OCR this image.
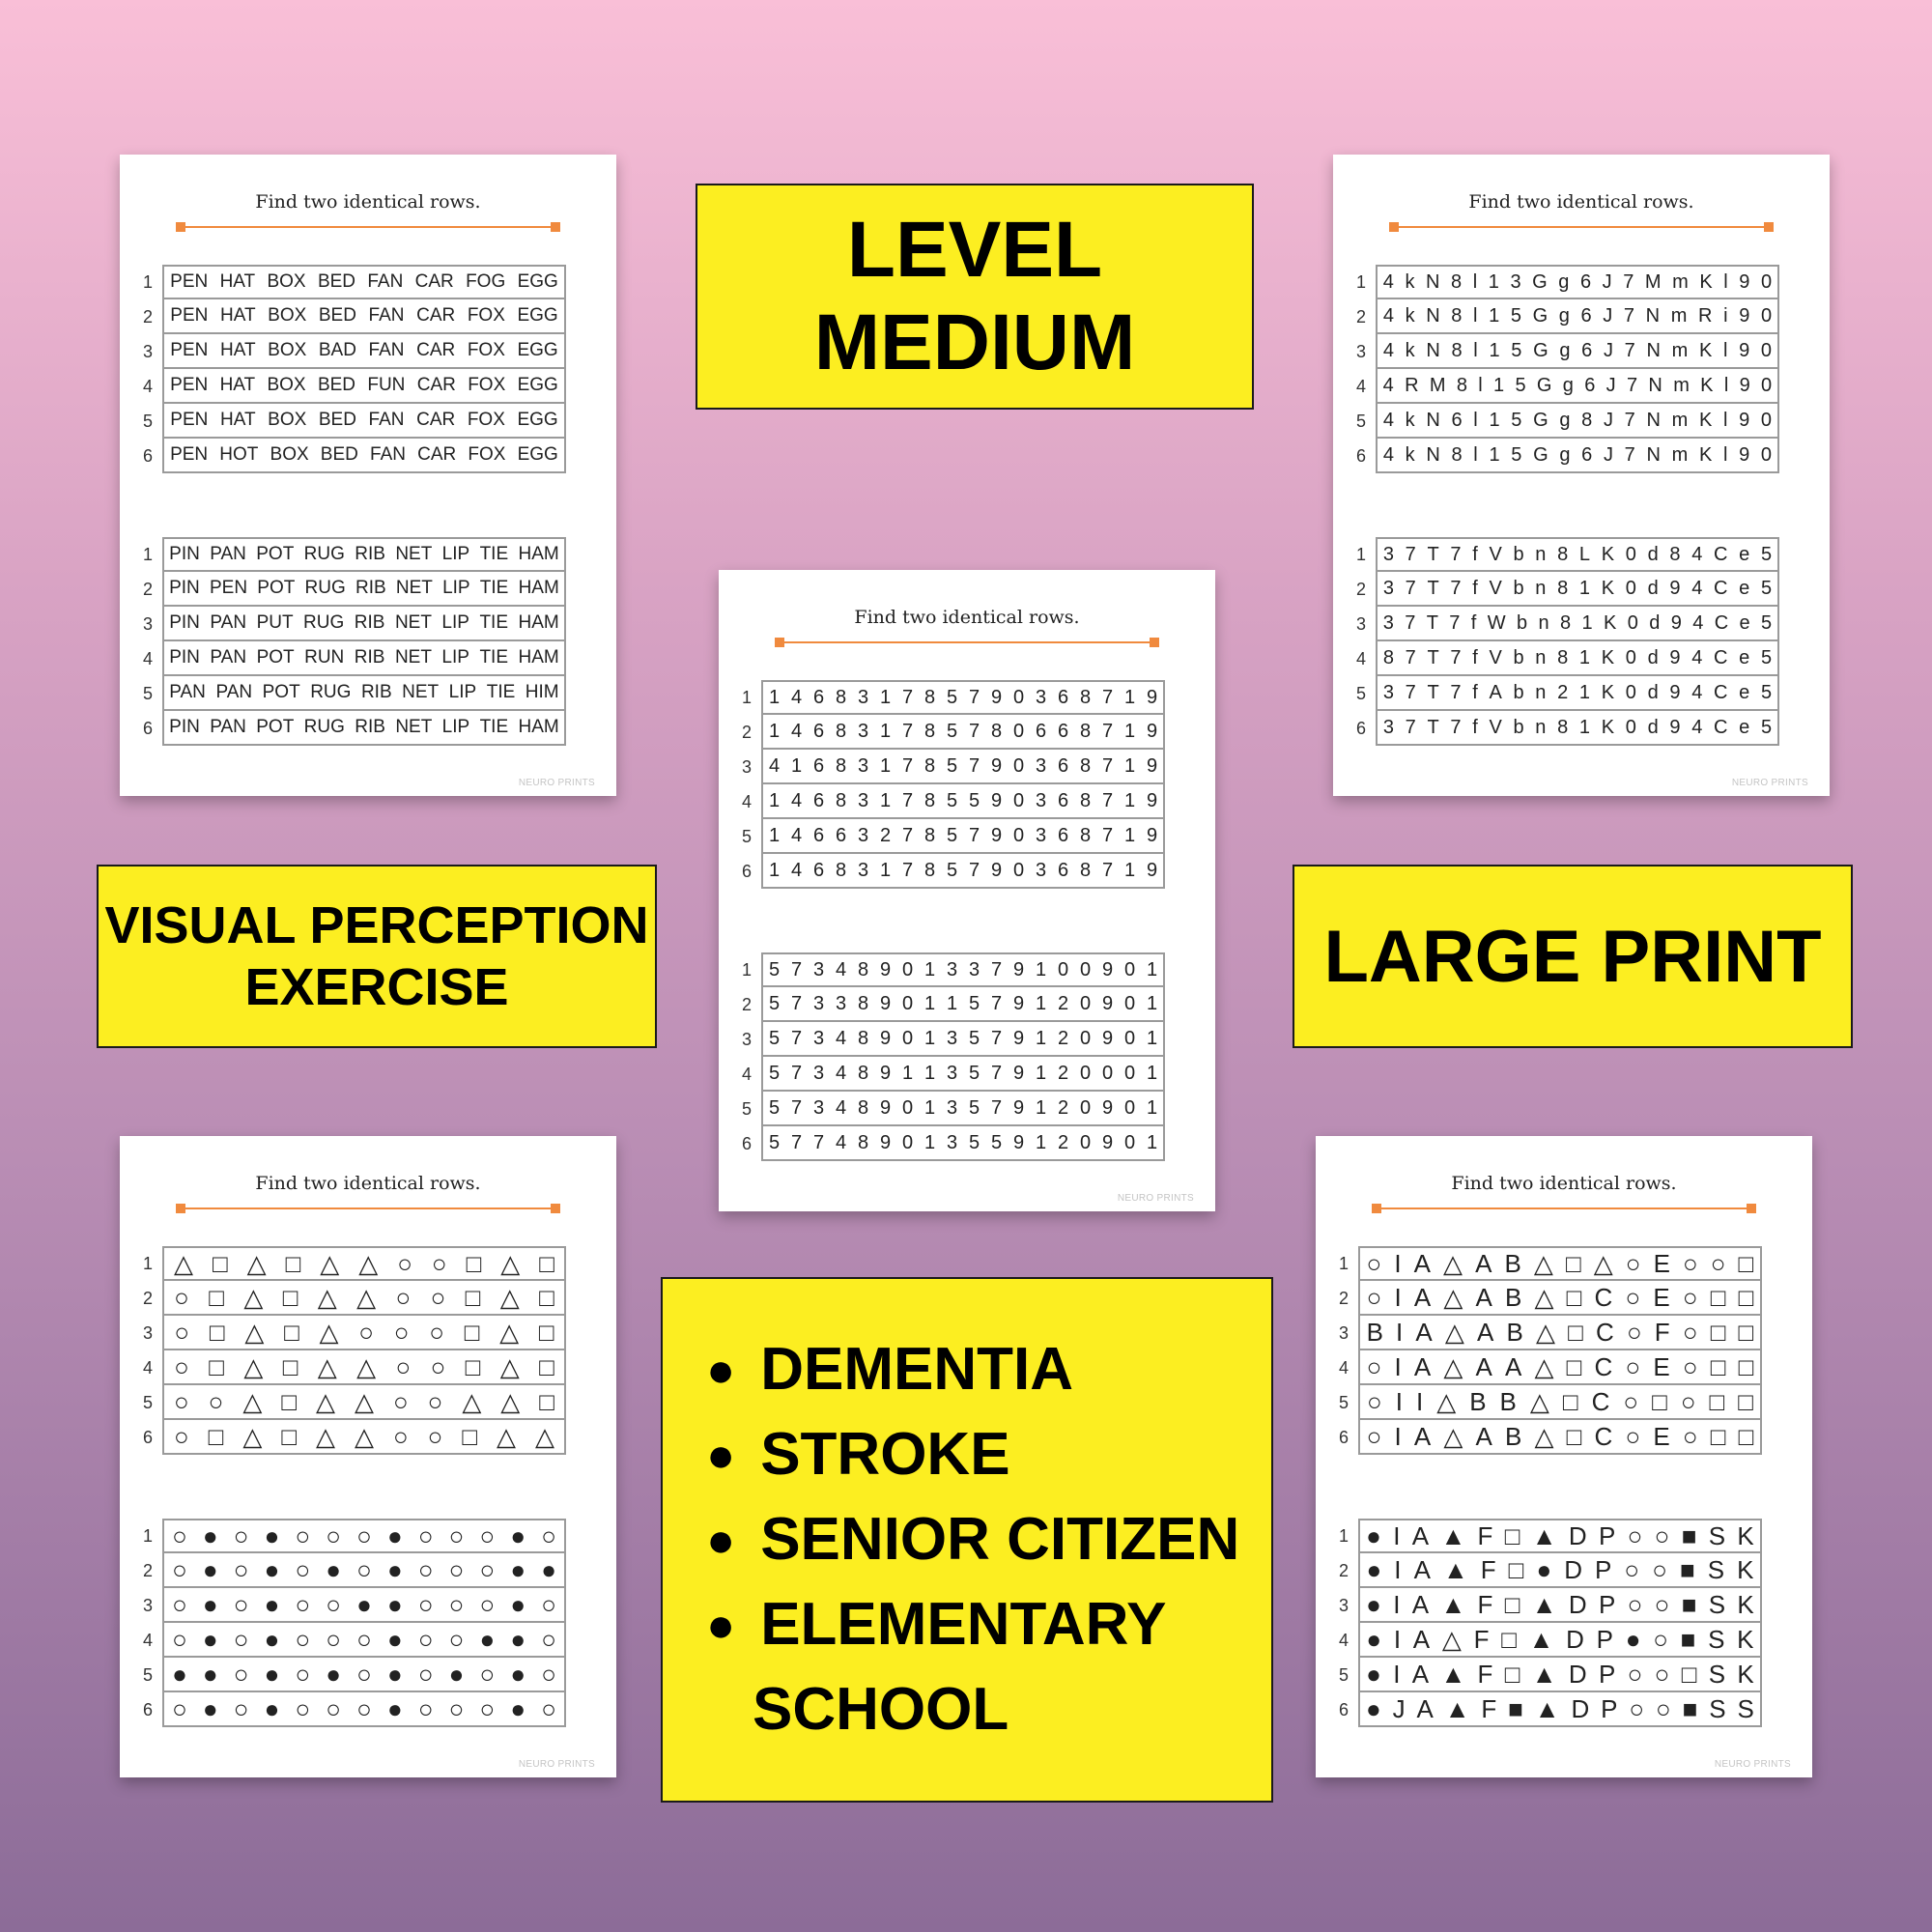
Find two identical rows.
1 PEN HAT BOX BED FAN CAR FOG EGG
2 PEN HAT BOX BED FAN CAR FOX EGG
3 PEN HAT BOX BAD FAN CAR FOX EGG
4 PEN HAT BOX BED FUN CAR FOX EGG
5 PEN HAT BOX BED FAN CAR FOX EGG
6 PEN HOT BOX BED FAN CAR FOX EGG
1 PIN PAN POT RUG RIB NET LIP TIE HAM
2 PIN PEN POT RUG RIB NET LIP TIE HAM
3 PIN PAN PUT RUG RIB NET LIP TIE HAM
4 PIN PAN POT RUN RIB NET LIP TIE HAM
5 PAN PAN POT RUG RIB NET LIP TIE HIM
6 PIN PAN POT RUG RIB NET LIP TIE HAM
NEURO PRINTS
Find two identical rows.
1 4 k N 8 l 1 3 G g 6 J 7 M m K l 9 0
2 4 k N 8 l 1 5 G g 6 J 7 N m R i 9 0
3 4 k N 8 l 1 5 G g 6 J 7 N m K l 9 0
4 4 R M 8 l 1 5 G g 6 J 7 N m K l 9 0
5 4 k N 6 l 1 5 G g 8 J 7 N m K l 9 0
6 4 k N 8 l 1 5 G g 6 J 7 N m K l 9 0
1 3 7 T 7 f V b n 8 L K 0 d 8 4 C e 5
2 3 7 T 7 f V b n 8 1 K 0 d 9 4 C e 5
3 3 7 T 7 f W b n 8 1 K 0 d 9 4 C e 5
4 8 7 T 7 f V b n 8 1 K 0 d 9 4 C e 5
5 3 7 T 7 f A b n 2 1 K 0 d 9 4 C e 5
6 3 7 T 7 f V b n 8 1 K 0 d 9 4 C e 5
NEURO PRINTS
Find two identical rows.
1 1 4 6 8 3 1 7 8 5 7 9 0 3 6 8 7 1 9
2 1 4 6 8 3 1 7 8 5 7 8 0 6 6 8 7 1 9
3 4 1 6 8 3 1 7 8 5 7 9 0 3 6 8 7 1 9
4 1 4 6 8 3 1 7 8 5 5 9 0 3 6 8 7 1 9
5 1 4 6 6 3 2 7 8 5 7 9 0 3 6 8 7 1 9
6 1 4 6 8 3 1 7 8 5 7 9 0 3 6 8 7 1 9
1 5 7 3 4 8 9 0 1 3 3 7 9 1 0 0 9 0 1
2 5 7 3 3 8 9 0 1 1 5 7 9 1 2 0 9 0 1
3 5 7 3 4 8 9 0 1 3 5 7 9 1 2 0 9 0 1
4 5 7 3 4 8 9 1 1 3 5 7 9 1 2 0 0 0 1
5 5 7 3 4 8 9 0 1 3 5 7 9 1 2 0 9 0 1
6 5 7 7 4 8 9 0 1 3 5 5 9 1 2 0 9 0 1
NEURO PRINTS
Find two identical rows.
1 △ □ △ □ △ △ ○ ○ □ △ □
2 ○ □ △ □ △ △ ○ ○ □ △ □
3 ○ □ △ □ △ ○ ○ ○ □ △ □
4 ○ □ △ □ △ △ ○ ○ □ △ □
5 ○ ○ △ □ △ △ ○ ○ △ △ □
6 ○ □ △ □ △ △ ○ ○ □ △ △
1 ○ ● ○ ● ○ ○ ○ ● ○ ○ ○ ● ○
2 ○ ● ○ ● ○ ● ○ ● ○ ○ ○ ● ●
3 ○ ● ○ ● ○ ○ ● ● ○ ○ ○ ● ○
4 ○ ● ○ ● ○ ○ ○ ● ○ ○ ● ● ○
5 ● ● ○ ● ○ ● ○ ● ○ ● ○ ● ○
6 ○ ● ○ ● ○ ○ ○ ● ○ ○ ○ ● ○
NEURO PRINTS
Find two identical rows.
1 ○ I A △ A B △ □ △ ○ E ○ ○ □
2 ○ I A △ A B △ □ C ○ E ○ □ □
3 B I A △ A B △ □ C ○ F ○ □ □
4 ○ I A △ A A △ □ C ○ E ○ □ □
5 ○ I I △ B B △ □ C ○ □ ○ □ □
6 ○ I A △ A B △ □ C ○ E ○ □ □
1 ● I A ▲ F □ ▲ D P ○ ○ ■ S K
2 ● I A ▲ F □ ● D P ○ ○ ■ S K
3 ● I A ▲ F □ ▲ D P ○ ○ ■ S K
4 ● I A △ F □ ▲ D P ● ○ ■ S K
5 ● I A ▲ F □ ▲ D P ○ ○ □ S K
6 ● J A ▲ F ■ ▲ D P ○ ○ ■ S S
NEURO PRINTS
LEVEL
MEDIUM
VISUAL PERCEPTION
EXERCISE	LARGE PRINT
● DEMENTIA
● STROKE
● SENIOR CITIZEN
● ELEMENTARY
SCHOOL
